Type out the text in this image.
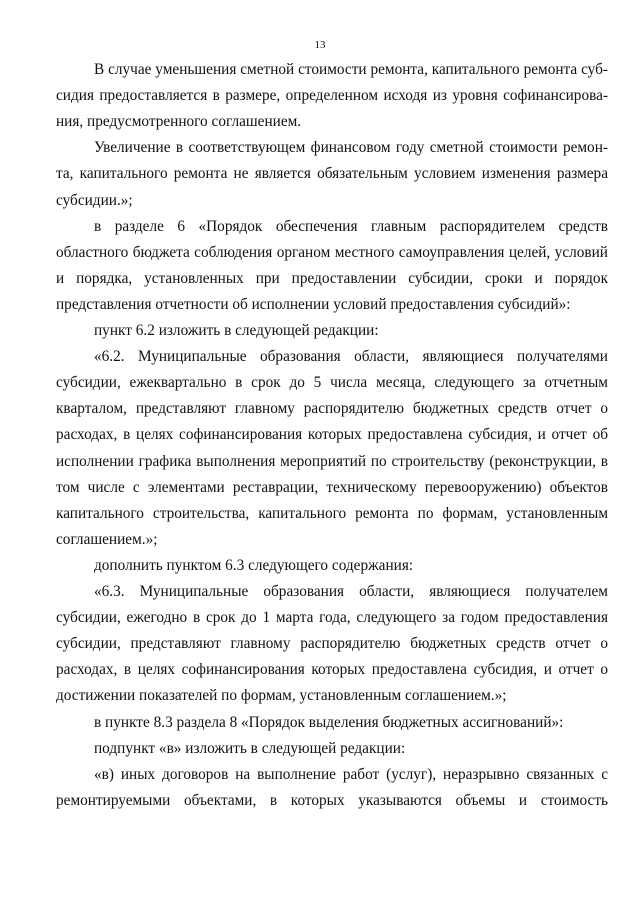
13
В случае уменьшения сметной стоимости ремонта, капитального ремонта суб-
сидия предоставляется в размере, определенном исходя из уровня софинансирова-
ния, предусмотренного соглашением.
Увеличение в соответствующем финансовом году сметной стоимости ремон-
та, капитального ремонта не является обязательным условием изменения размера
субсидии.»;
в разделе 6 «Порядок обеспечения главным распорядителем средств
областного бюджета соблюдения органом местного самоуправления целей, условий
и порядка, установленных при предоставлении субсидии, сроки и порядок
представления отчетности об исполнении условий предоставления субсидий»:
пункт 6.2 изложить в следующей редакции:
«6.2. Муниципальные образования области, являющиеся получателями
субсидии, ежеквартально в срок до 5 числа месяца, следующего за отчетным
кварталом, представляют главному распорядителю бюджетных средств отчет о
расходах, в целях софинансирования которых предоставлена субсидия, и отчет об
исполнении графика выполнения мероприятий по строительству (реконструкции, в
том числе с элементами реставрации, техническому перевооружению) объектов
капитального строительства, капитального ремонта по формам, установленным
соглашением.»;
дополнить пунктом 6.3 следующего содержания:
«6.3. Муниципальные образования области, являющиеся получателем
субсидии, ежегодно в срок до 1 марта года, следующего за годом предоставления
субсидии, представляют главному распорядителю бюджетных средств отчет о
расходах, в целях софинансирования которых предоставлена субсидия, и отчет о
достижении показателей по формам, установленным соглашением.»;
в пункте 8.3 раздела 8 «Порядок выделения бюджетных ассигнований»:
подпункт «в» изложить в следующей редакции:
«в) иных договоров на выполнение работ (услуг), неразрывно связанных с
ремонтируемыми объектами, в которых указываются объемы и стоимость
